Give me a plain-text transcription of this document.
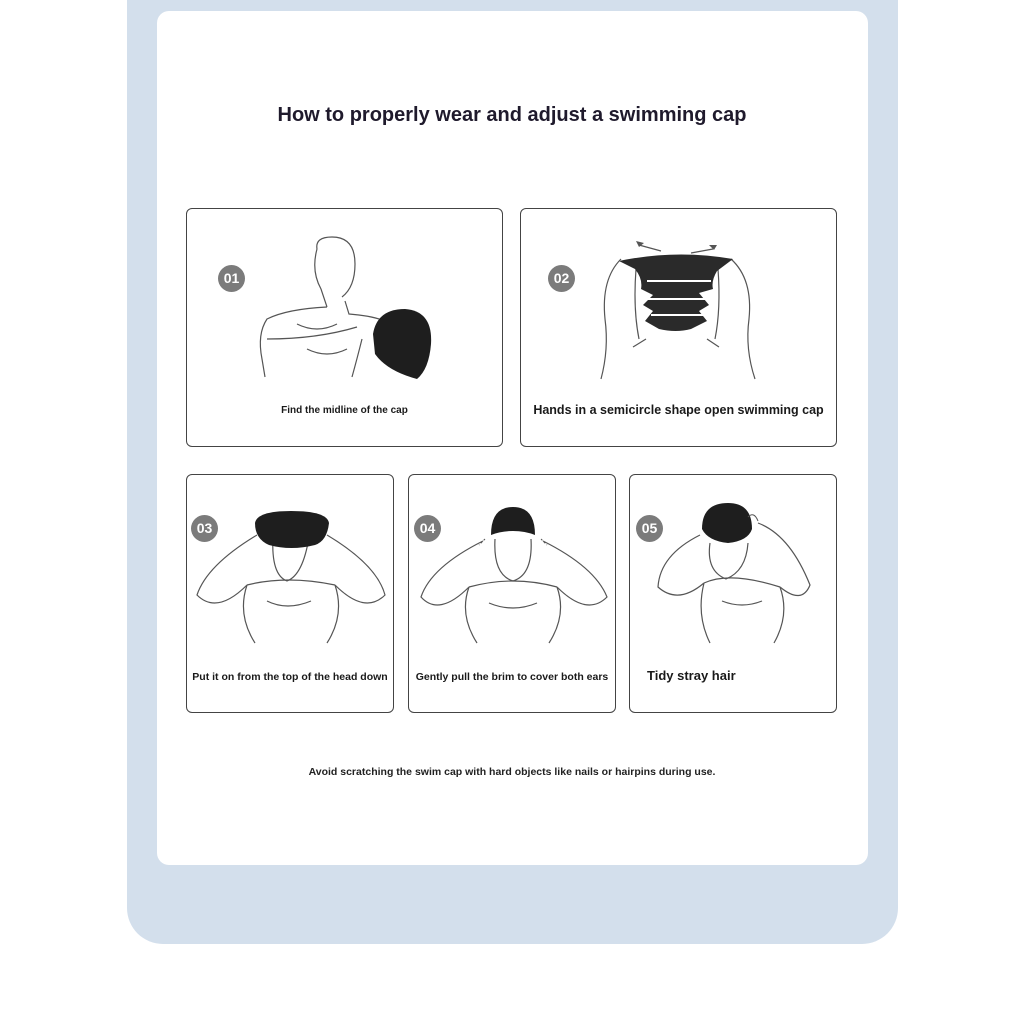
How to properly wear and adjust a swimming cap
01
Find the midline of the cap
02
Hands in a semicircle shape open swimming cap
03
Put it on from the top of the head down
04
Gently pull the brim to cover both ears
05
Tidy stray hair

Avoid scratching the swim cap with hard objects like nails or hairpins during use.
